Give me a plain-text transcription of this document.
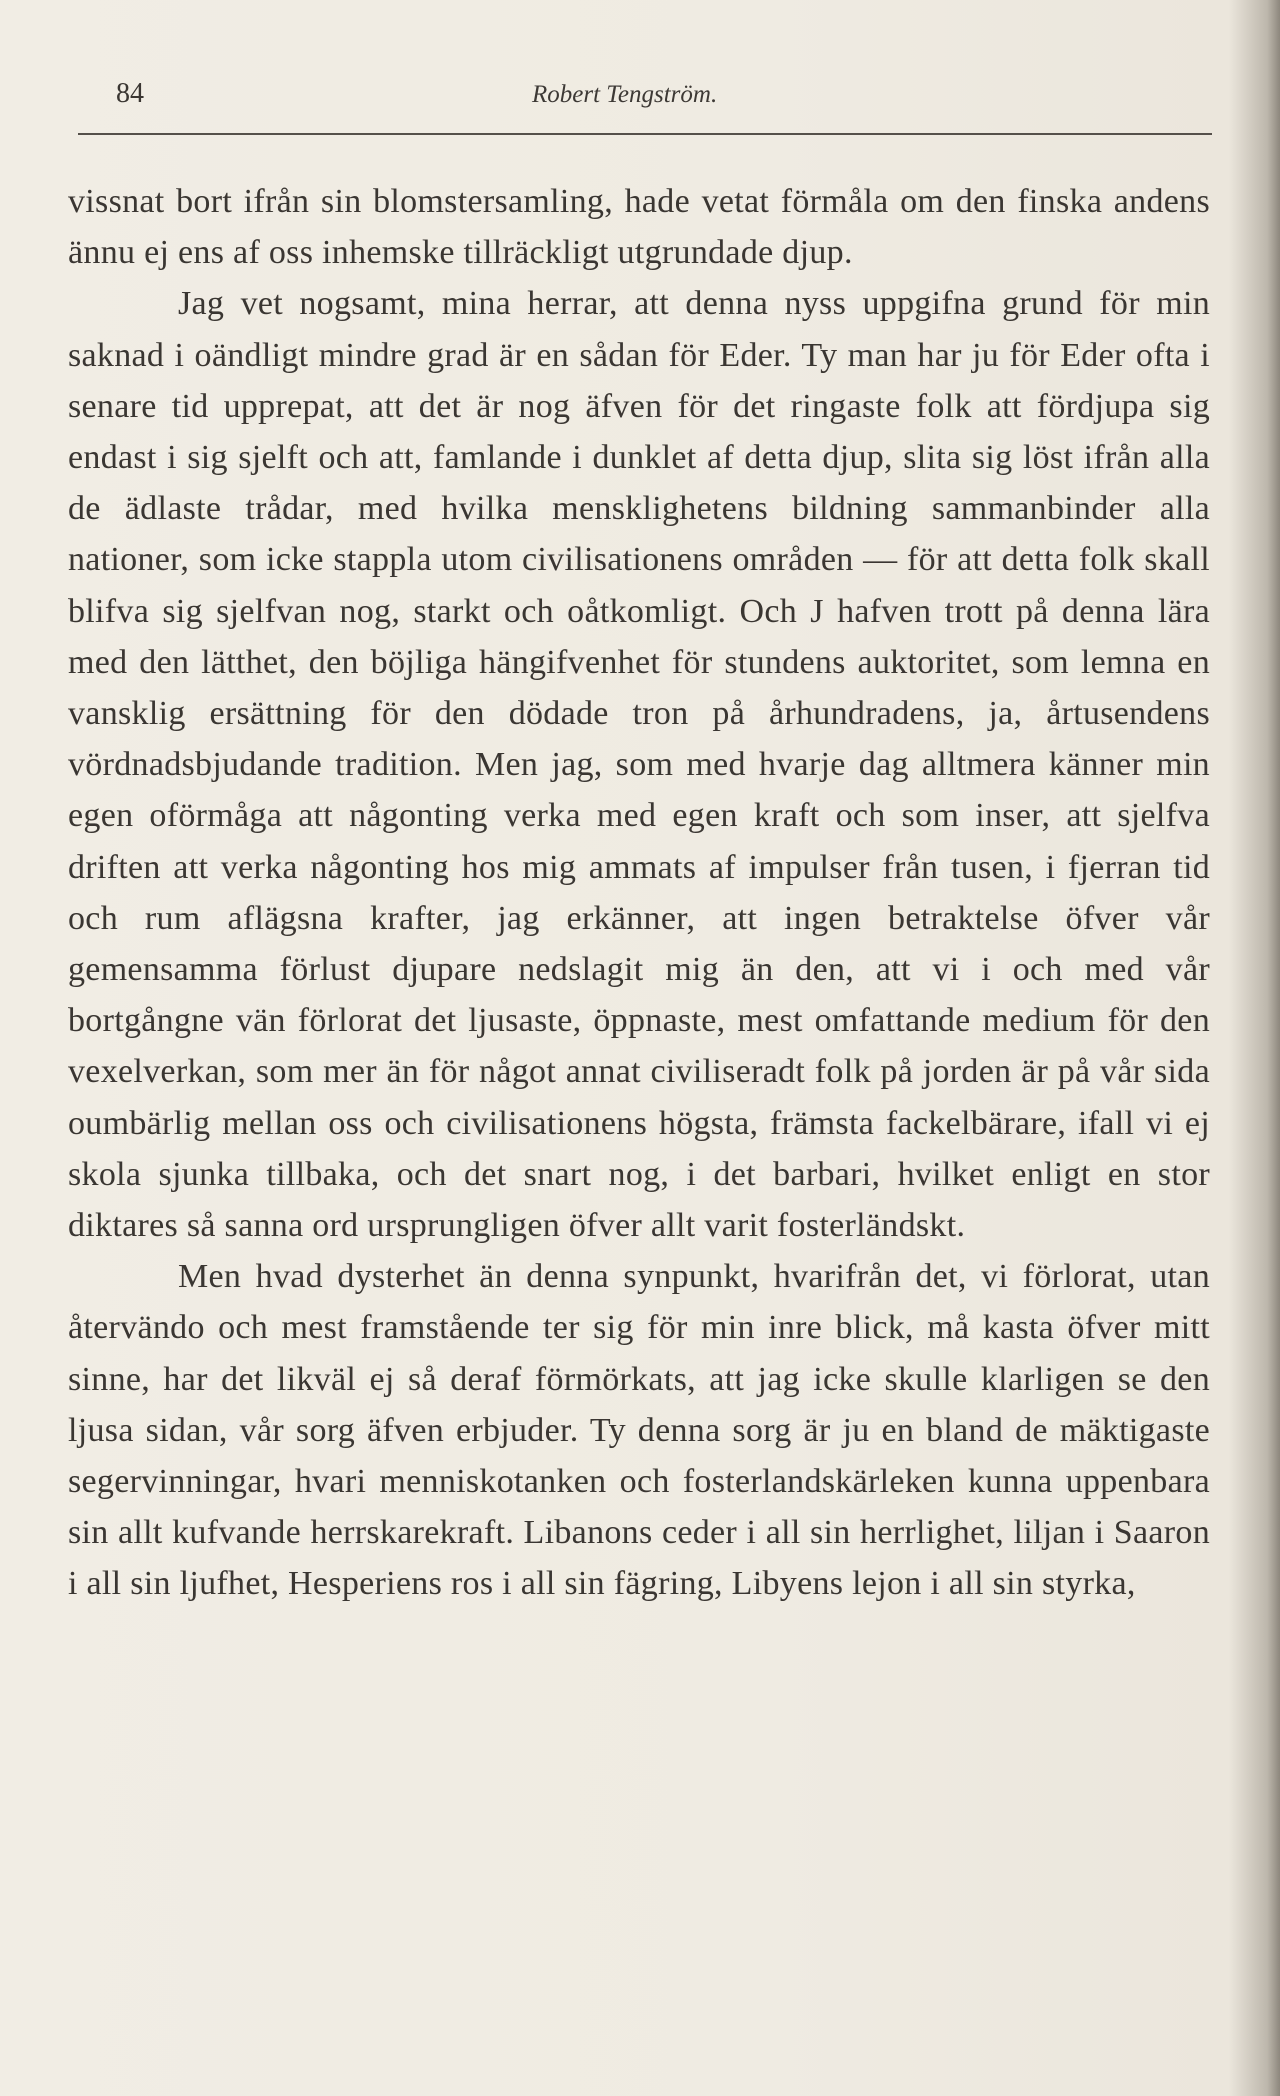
84	Robert Tengström.

vissnat bort ifrån sin blomstersamling, hade vetat förmåla om den finska andens ännu ej ens af oss inhemske tillräckligt utgrundade djup.

Jag vet nogsamt, mina herrar, att denna nyss uppgifna grund för min saknad i oändligt mindre grad är en sådan för Eder. Ty man har ju för Eder ofta i senare tid upprepat, att det är nog äfven för det ringaste folk att fördjupa sig endast i sig sjelft och att, famlande i dunklet af detta djup, slita sig löst ifrån alla de ädlaste trådar, med hvilka mensklighetens bildning sammanbinder alla nationer, som icke stappla utom civilisationens områden — för att detta folk skall blifva sig sjelfvan nog, starkt och oåtkomligt. Och J hafven trott på denna lära med den lätthet, den böjliga hängifvenhet för stundens auktoritet, som lemna en vansklig ersättning för den dödade tron på århundradens, ja, årtusendens vördnadsbjudande tradition. Men jag, som med hvarje dag alltmera känner min egen oförmåga att någonting verka med egen kraft och som inser, att sjelfva driften att verka någonting hos mig ammats af impulser från tusen, i fjerran tid och rum aflägsna krafter, jag erkänner, att ingen betraktelse öfver vår gemensamma förlust djupare nedslagit mig än den, att vi i och med vår bortgångne vän förlorat det ljusaste, öppnaste, mest omfattande medium för den vexelverkan, som mer än för något annat civiliseradt folk på jorden är på vår sida oumbärlig mellan oss och civilisationens högsta, främsta fackelbärare, ifall vi ej skola sjunka tillbaka, och det snart nog, i det barbari, hvilket enligt en stor diktares så sanna ord ursprungligen öfver allt varit fosterländskt.

Men hvad dysterhet än denna synpunkt, hvarifrån det, vi förlorat, utan återvändo och mest framstående ter sig för min inre blick, må kasta öfver mitt sinne, har det likväl ej så deraf förmörkats, att jag icke skulle klarligen se den ljusa sidan, vår sorg äfven erbjuder. Ty denna sorg är ju en bland de mäktigaste segervinningar, hvari menniskotanken och fosterlandskärleken kunna uppenbara sin allt kufvande herrskarekraft. Libanons ceder i all sin herrlighet, liljan i Saaron i all sin ljufhet, Hesperiens ros i all sin fägring, Libyens lejon i all sin styrka,
